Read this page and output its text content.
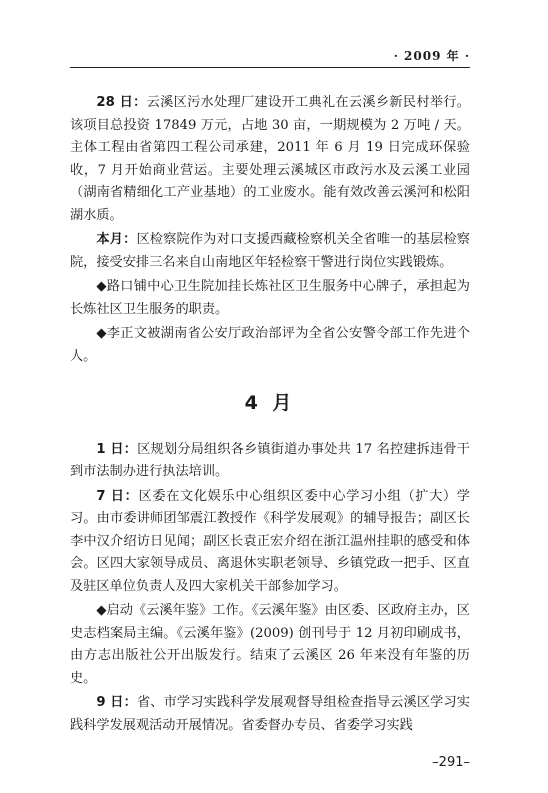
· 2009 年 ·

28 日：云溪区污水处理厂建设开工典礼在云溪乡新民村举行。该项目总投资 17849 万元，占地 30 亩，一期规模为 2 万吨 / 天。主体工程由省第四工程公司承建，2011 年 6 月 19 日完成环保验收，7 月开始商业营运。主要处理云溪城区市政污水及云溪工业园（湖南省精细化工产业基地）的工业废水。能有效改善云溪河和松阳湖水质。

本月：区检察院作为对口支援西藏检察机关全省唯一的基层检察院，接受安排三名来自山南地区年轻检察干警进行岗位实践锻炼。

◆路口铺中心卫生院加挂长炼社区卫生服务中心牌子，承担起为长炼社区卫生服务的职责。

◆李正文被湖南省公安厅政治部评为全省公安警令部工作先进个人。

4 月

1 日：区规划分局组织各乡镇街道办事处共 17 名控建拆违骨干到市法制办进行执法培训。

7 日：区委在文化娱乐中心组织区委中心学习小组（扩大）学习。由市委讲师团邹震江教授作《科学发展观》的辅导报告；副区长李中汉介绍访日见闻；副区长袁正宏介绍在浙江温州挂职的感受和体会。区四大家领导成员、离退休实职老领导、乡镇党政一把手、区直及驻区单位负责人及四大家机关干部参加学习。

◆启动《云溪年鉴》工作。《云溪年鉴》由区委、区政府主办，区史志档案局主编。《云溪年鉴》(2009) 创刊号于 12 月初印刷成书，由方志出版社公开出版发行。结束了云溪区 26 年来没有年鉴的历史。

9 日：省、市学习实践科学发展观督导组检查指导云溪区学习实践科学发展观活动开展情况。省委督办专员、省委学习实践

–291–
